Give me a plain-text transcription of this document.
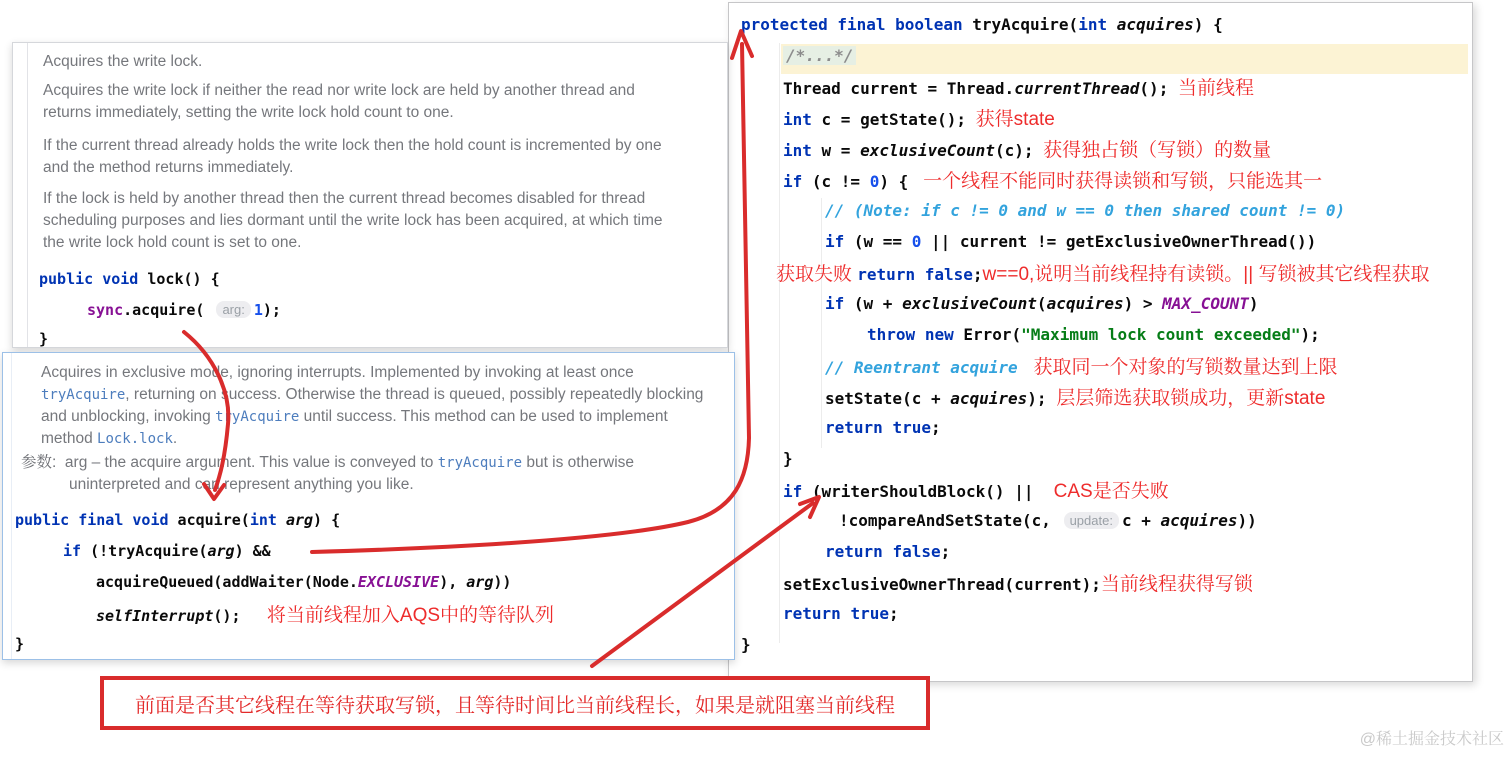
Acquires the write lock.
Acquires the write lock if neither the read nor write lock are held by another thread and
returns immediately, setting the write lock hold count to one.
If the current thread already holds the write lock then the hold count is incremented by one
and the method returns immediately.
If the lock is held by another thread then the current thread becomes disabled for thread
scheduling purposes and lies dormant until the write lock has been acquired, at which time
the write lock hold count is set to one.
public void lock() {
sync.acquire( arg: 1);
}
Acquires in exclusive mode, ignoring interrupts. Implemented by invoking at least once
tryAcquire, returning on success. Otherwise the thread is queued, possibly repeatedly blocking
and unblocking, invoking tryAcquire until success. This method can be used to implement
method Lock.lock.
参数:  arg – the acquire argument. This value is conveyed to tryAcquire but is otherwise
uninterpreted and can represent anything you like.
public final void acquire(int arg) {
if (!tryAcquire(arg) &&
acquireQueued(addWaiter(Node.EXCLUSIVE), arg))
selfInterrupt();     将当前线程加入AQS中的等待队列
}
protected final boolean tryAcquire(int acquires) {
/*...*/
Thread current = Thread.currentThread(); 当前线程
int c = getState(); 获得state
int w = exclusiveCount(c); 获得独占锁（写锁）的数量
if (c != 0) {  一个线程不能同时获得读锁和写锁，只能选其一
// (Note: if c != 0 and w == 0 then shared count != 0)
if (w == 0 || current != getExclusiveOwnerThread())
获取失败 return false;w==0,说明当前线程持有读锁。|| 写锁被其它线程获取
if (w + exclusiveCount(acquires) > MAX_COUNT)
throw new Error("Maximum lock count exceeded");
// Reentrant acquire   获取同一个对象的写锁数量达到上限
setState(c + acquires); 层层筛选获取锁成功，更新state
return true;
}
if (writerShouldBlock() ||   CAS是否失败
!compareAndSetState(c, update: c + acquires))
return false;
setExclusiveOwnerThread(current);当前线程获得写锁
return true;
}
前面是否其它线程在等待获取写锁，且等待时间比当前线程长，如果是就阻塞当前线程
@稀土掘金技术社区
